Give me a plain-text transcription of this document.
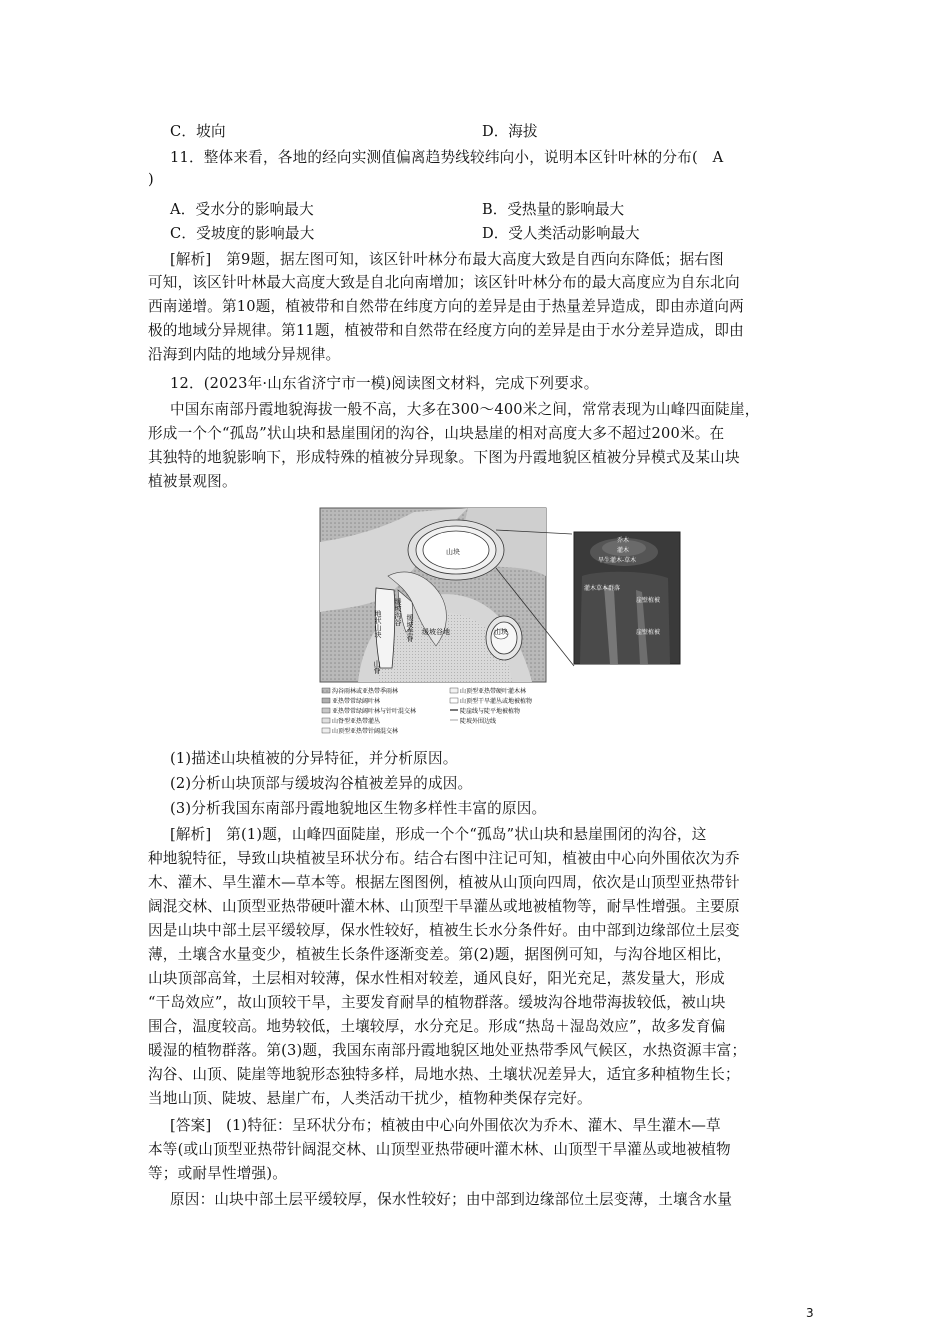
C．坡向	D．海拔
11．整体来看，各地的经向实测值偏离趋势线较纬向小，说明本区针叶林的分布(　A
)
A．受水分的影响最大	B．受热量的影响最大
C．受坡度的影响最大	D．受人类活动影响最大
[解析]　第9题，据左图可知，该区针叶林分布最大高度大致是自西向东降低；据右图
可知，该区针叶林最大高度大致是自北向南增加；该区针叶林分布的最大高度应为自东北向
西南递增。第10题，植被带和自然带在纬度方向的差异是由于热量差异造成，即由赤道向两
极的地域分异规律。第11题，植被带和自然带在经度方向的差异是由于水分差异造成，即由
沿海到内陆的地域分异规律。
12．(2023年·山东省济宁市一模)阅读图文材料，完成下列要求。
中国东南部丹霞地貌海拔一般不高，大多在300～400米之间，常常表现为山峰四面陡崖，
形成一个个“孤岛”状山块和悬崖围闭的沟谷，山块悬崖的相对高度大多不超过200米。在
其独特的地貌影响下，形成特殊的植被分异现象。下图为丹霞地貌区植被分异模式及某山块
植被景观图。
山块
山块
地状山块 缓坡沟谷
缓坡垄脊 缓坡谷地
山脊
乔木
灌木
旱生灌木-草木
灌木草本群落
崖壁植被
崖壁植被
沟谷雨林或亚热带季雨林
亚热带常绿阔叶林
亚热带常绿阔叶林与针叶混交林
山脊型亚热带灌丛
山顶型亚热带针阔混交林
山顶型亚热带硬叶灌木林
山顶型干旱灌丛或地被植物
陡崖线与陡平地被植物
陡坡外围边线
(1)描述山块植被的分异特征，并分析原因。
(2)分析山块顶部与缓坡沟谷植被差异的成因。
(3)分析我国东南部丹霞地貌地区生物多样性丰富的原因。
[解析]　第(1)题，山峰四面陡崖，形成一个个“孤岛”状山块和悬崖围闭的沟谷，这
种地貌特征，导致山块植被呈环状分布。结合右图中注记可知，植被由中心向外围依次为乔
木、灌木、旱生灌木—草本等。根据左图图例，植被从山顶向四周，依次是山顶型亚热带针
阔混交林、山顶型亚热带硬叶灌木林、山顶型干旱灌丛或地被植物等，耐旱性增强。主要原
因是山块中部土层平缓较厚，保水性较好，植被生长水分条件好。由中部到边缘部位土层变
薄，土壤含水量变少，植被生长条件逐渐变差。第(2)题，据图例可知，与沟谷地区相比，
山块顶部高耸，土层相对较薄，保水性相对较差，通风良好，阳光充足，蒸发量大，形成
“干岛效应”，故山顶较干旱，主要发育耐旱的植物群落。缓坡沟谷地带海拔较低，被山块
围合，温度较高。地势较低，土壤较厚，水分充足。形成“热岛＋湿岛效应”，故多发育偏
暖湿的植物群落。第(3)题，我国东南部丹霞地貌区地处亚热带季风气候区，水热资源丰富；
沟谷、山顶、陡崖等地貌形态独特多样，局地水热、土壤状况差异大，适宜多种植物生长；
当地山顶、陡坡、悬崖广布，人类活动干扰少，植物种类保存完好。
[答案]　(1)特征：呈环状分布；植被由中心向外围依次为乔木、灌木、旱生灌木—草
本等(或山顶型亚热带针阔混交林、山顶型亚热带硬叶灌木林、山顶型干旱灌丛或地被植物
等；或耐旱性增强)。
原因：山块中部土层平缓较厚，保水性较好；由中部到边缘部位土层变薄，土壤含水量
3
